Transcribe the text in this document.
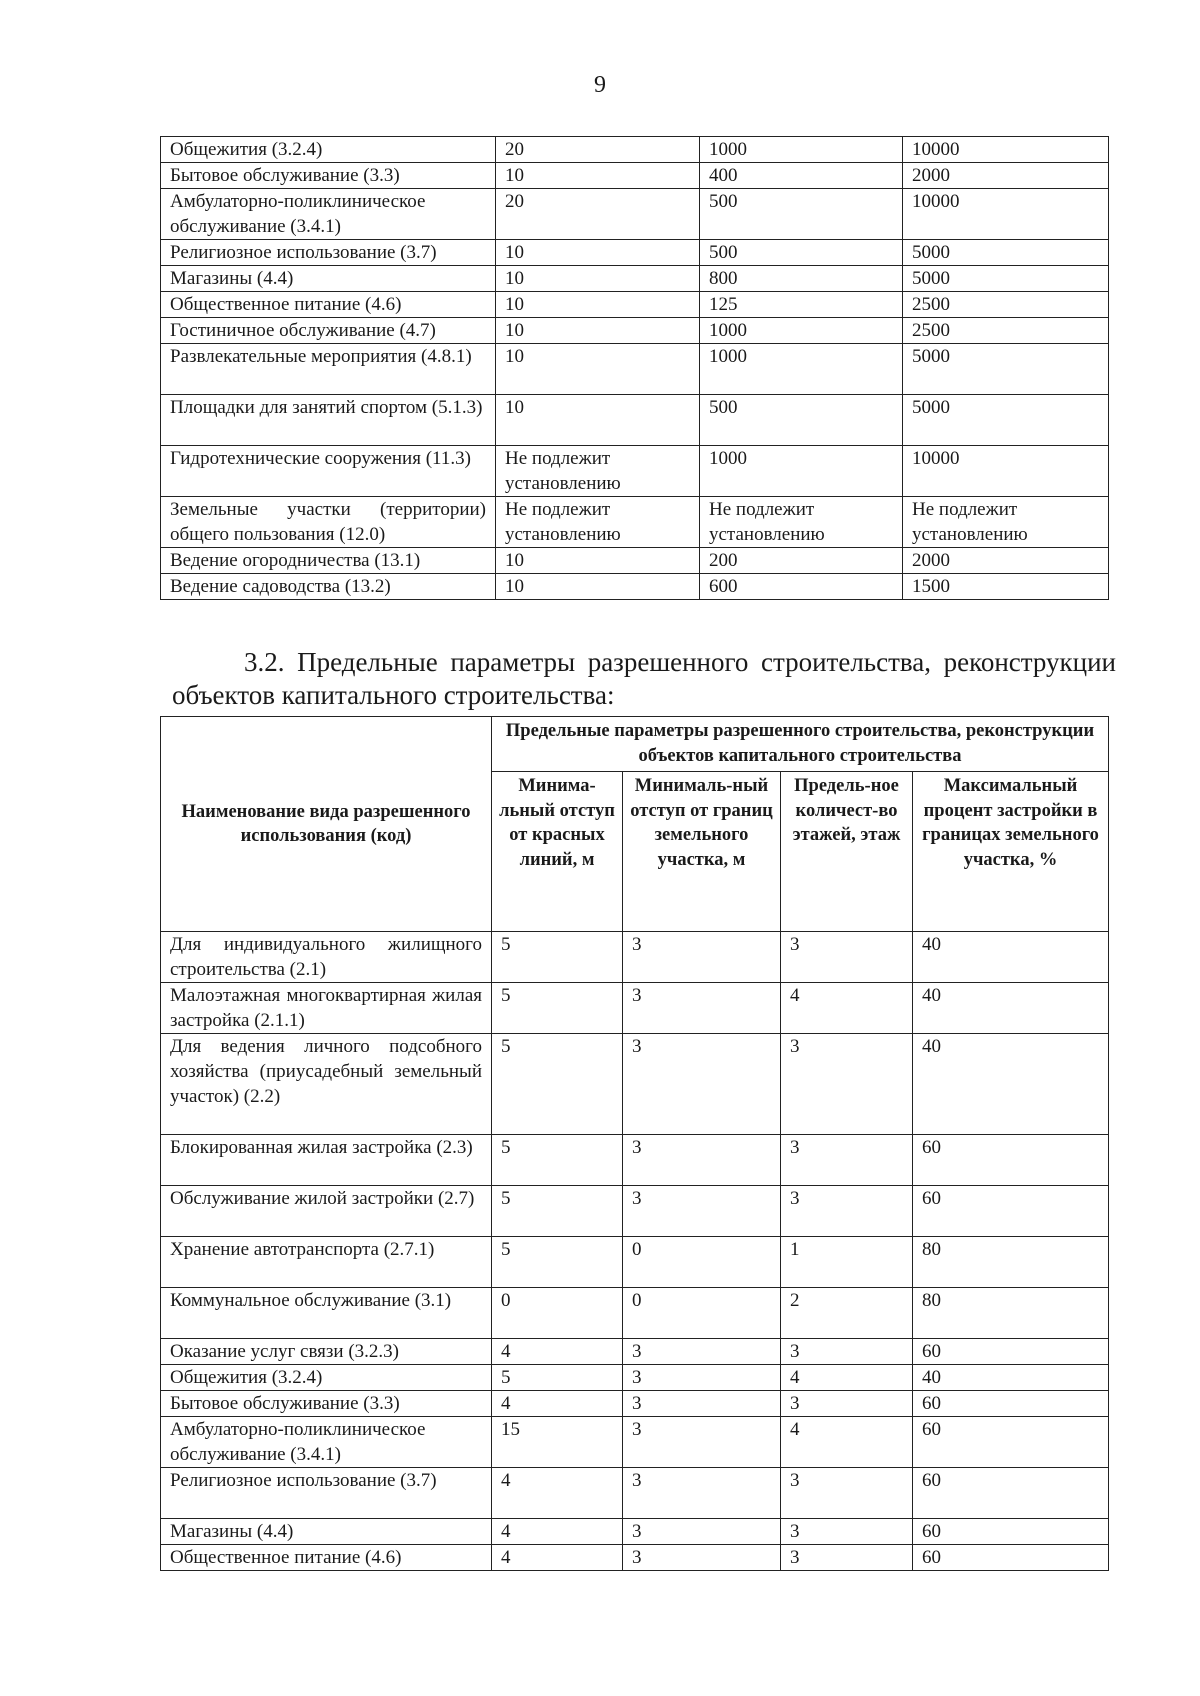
9
Общежития (3.2.4)	20	1000	10000
Бытовое обслуживание (3.3)	10	400	2000
Амбулаторно-поликлиническое обслуживание (3.4.1)	20	500	10000
Религиозное использование (3.7)	10	500	5000
Магазины (4.4)	10	800	5000
Общественное питание (4.6)	10	125	2500
Гостиничное обслуживание (4.7)	10	1000	2500
Развлекательные мероприятия (4.8.1)	10	1000	5000
Площадки для занятий спортом (5.1.3)	10	500	5000
Гидротехнические сооружения (11.3)	Не подлежит установлению	1000	10000
Земельные участки (территории) общего пользования (12.0)	Не подлежит установлению	Не подлежит установлению	Не подлежит установлению
Ведение огородничества (13.1)	10	200	2000
Ведение садоводства (13.2)	10	600	1500
3.2. Предельные параметры разрешенного строительства, реконструкции объектов капитального строительства:
Наименование вида разрешенного использования (код)	Предельные параметры разрешенного строительства, реконструкции объектов капитального строительства			
	Минима-льный отступ от красных линий, м	Минималь-ный отступ от границ земельного участка, м	Предель-ное количест-во этажей, этаж	Максимальный процент застройки в границах земельного участка, %
Для индивидуального жилищного строительства (2.1)	5	3	3	40
Малоэтажная многоквартирная жилая застройка (2.1.1)	5	3	4	40
Для ведения личного подсобного хозяйства (приусадебный земельный участок) (2.2)	5	3	3	40
Блокированная жилая застройка (2.3)	5	3	3	60
Обслуживание жилой застройки (2.7)	5	3	3	60
Хранение автотранспорта (2.7.1)	5	0	1	80
Коммунальное обслуживание (3.1)	0	0	2	80
Оказание услуг связи (3.2.3)	4	3	3	60
Общежития (3.2.4)	5	3	4	40
Бытовое обслуживание (3.3)	4	3	3	60
Амбулаторно-поликлиническое обслуживание (3.4.1)	15	3	4	60
Религиозное использование (3.7)	4	3	3	60
Магазины (4.4)	4	3	3	60
Общественное питание (4.6)	4	3	3	60
